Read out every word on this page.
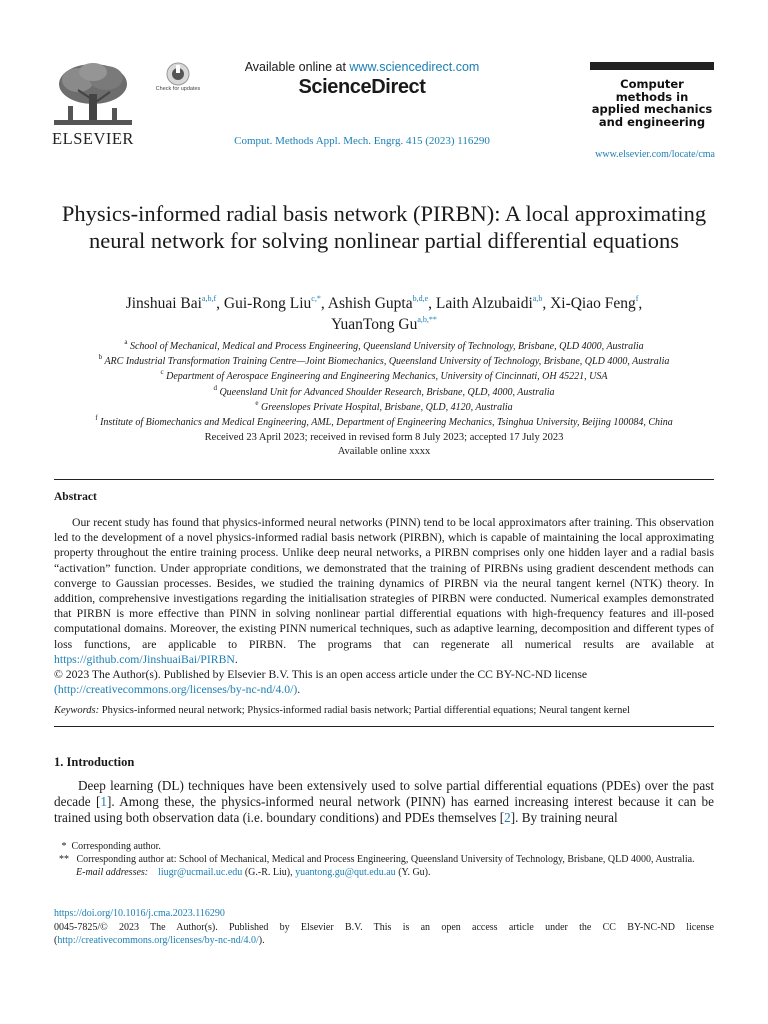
ELSEVIER
Check for updates
Available online at www.sciencedirect.com
ScienceDirect
Comput. Methods Appl. Mech. Engrg. 415 (2023) 116290
Computer methods in applied mechanics and engineering
www.elsevier.com/locate/cma
Physics-informed radial basis network (PIRBN): A local approximating neural network for solving nonlinear partial differential equations
Jinshuai Bai$^{a,b,f}$, Gui-Rong Liu$^{c,*}$, Ashish Gupta$^{b,d,e}$, Laith Alzubaidi$^{a,b}$, Xi-Qiao Feng$^f$,
YuanTong $Gu^{a,b,**}$
$^a$ School of Mechanical, Medical and Process Engineering, Queensland University of Technology, Brisbane, QLD 4000, Australia
$^b$ ARC Industrial Transformation Training Centre—Joint Biomechanics, Queensland University of Technology, Brisbane, QLD 4000, Australia
$^c$ Department of Aerospace Engineering and Engineering Mechanics, University of Cincinnati, OH 45221, USA
$^d$ Queensland Unit for Advanced Shoulder Research, Brisbane, QLD, 4000, Australia
$^e$ Greenslopes Private Hospital, Brisbane, QLD, 4120, Australia
$^f$ Institute of Biomechanics and Medical Engineering, AML, Department of Engineering Mechanics, Tsinghua University, Beijing 100084, China
Received 23 April 2023; received in revised form 8 July 2023; accepted 17 July 2023
Available online xxxx
Abstract

Our recent study has found that physics-informed neural networks (PINN) tend to be local approximators after training. This observation led to the development of a novel physics-informed radial basis network (PIRBN), which is capable of maintaining the local approximating property throughout the entire training process. Unlike deep neural networks, a PIRBN comprises only one hidden layer and a radial basis “activation” function. Under appropriate conditions, we demonstrated that the training of PIRBNs using gradient descendent methods can converge to Gaussian processes. Besides, we studied the training dynamics of PIRBN via the neural tangent kernel (NTK) theory. In addition, comprehensive investigations regarding the initialisation strategies of PIRBN were conducted. Numerical examples demonstrated that PIRBN is more effective than PINN in solving nonlinear partial differential equations with high-frequency features and ill-posed computational domains. Moreover, the existing PINN numerical techniques, such as adaptive learning, decomposition and different types of loss functions, are applicable to PIRBN. The programs that can regenerate all numerical results are available at https://github.com/JinshuaiBai/PIRBN.

© 2023 The Author(s). Published by Elsevier B.V. This is an open access article under the CC BY-NC-ND license
(http://creativecommons.org/licenses/by-nc-nd/4.0/).
Keywords: Physics-informed neural network; Physics-informed radial basis network; Partial differential equations; Neural tangent kernel
1. Introduction

Deep learning (DL) techniques have been extensively used to solve partial differential equations (PDEs) over the past decade [1]. Among these, the physics-informed neural network (PINN) has earned increasing interest because it can be trained using both observation data (i.e. boundary conditions) and PDEs themselves [2]. By training neural

* Corresponding author.
** Corresponding author at: School of Mechanical, Medical and Process Engineering, Queensland University of Technology, Brisbane, QLD 4000, Australia.
E-mail addresses: liugr@ucmail.uc.edu (G.-R. Liu), yuantong.gu@qut.edu.au (Y. Gu).
https://doi.org/10.1016/j.cma.2023.116290
0045-7825/© 2023 The Author(s). Published by Elsevier B.V. This is an open access article under the CC BY-NC-ND license (http://creativecommons.org/licenses/by-nc-nd/4.0/).
